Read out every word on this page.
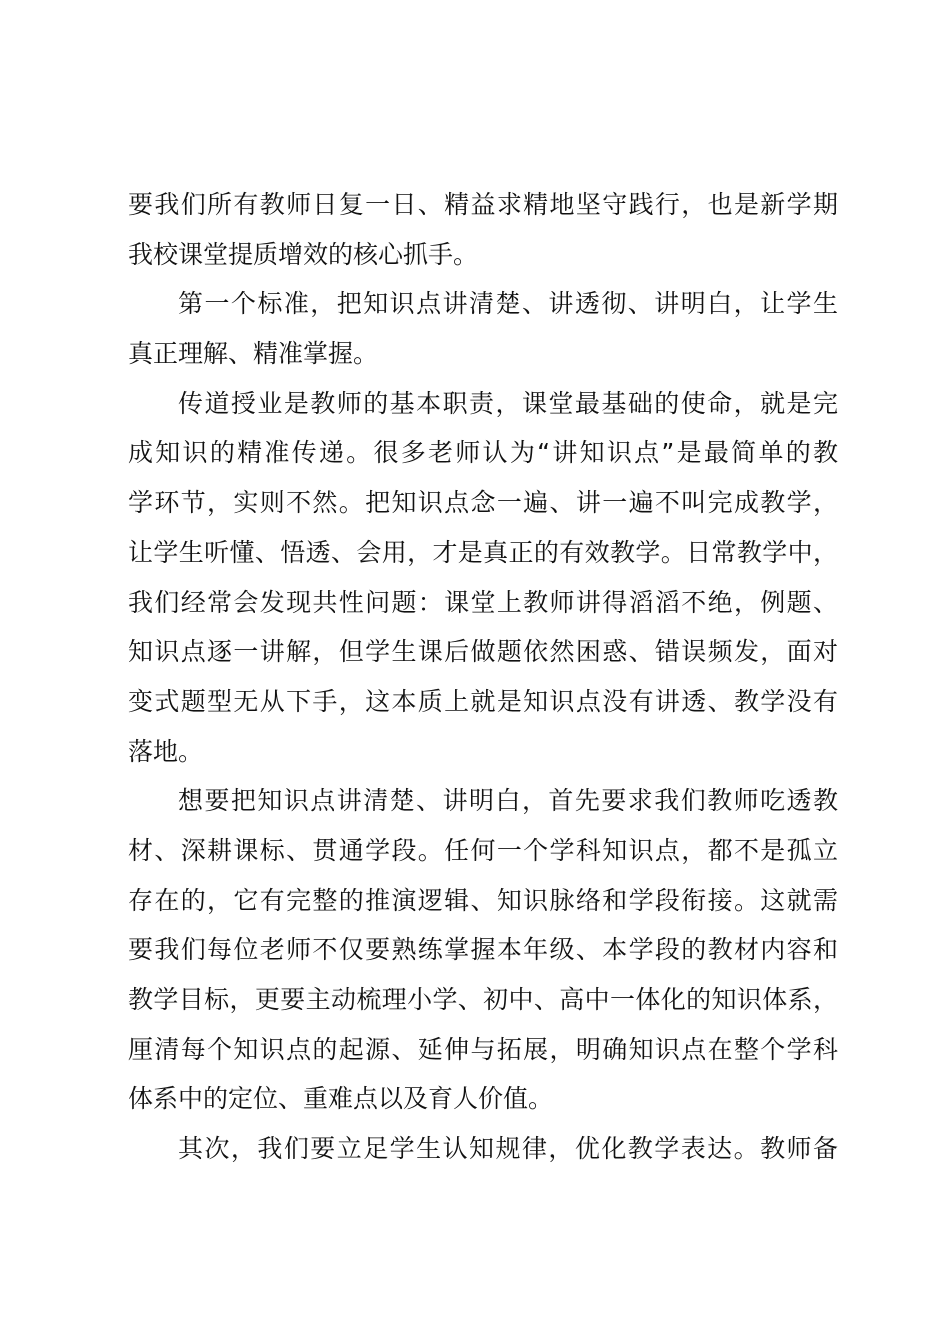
要我们所有教师日复一日、精益求精地坚守践行，也是新学期
我校课堂提质增效的核心抓手。
第一个标准，把知识点讲清楚、讲透彻、讲明白，让学生
真正理解、精准掌握。
传道授业是教师的基本职责，课堂最基础的使命，就是完
成知识的精准传递。很多老师认为“讲知识点”是最简单的教
学环节，实则不然。把知识点念一遍、讲一遍不叫完成教学，
让学生听懂、悟透、会用，才是真正的有效教学。日常教学中，
我们经常会发现共性问题：课堂上教师讲得滔滔不绝，例题、
知识点逐一讲解，但学生课后做题依然困惑、错误频发，面对
变式题型无从下手，这本质上就是知识点没有讲透、教学没有
落地。
想要把知识点讲清楚、讲明白，首先要求我们教师吃透教
材、深耕课标、贯通学段。任何一个学科知识点，都不是孤立
存在的，它有完整的推演逻辑、知识脉络和学段衔接。这就需
要我们每位老师不仅要熟练掌握本年级、本学段的教材内容和
教学目标，更要主动梳理小学、初中、高中一体化的知识体系，
厘清每个知识点的起源、延伸与拓展，明确知识点在整个学科
体系中的定位、重难点以及育人价值。
其次，我们要立足学生认知规律，优化教学表达。教师备
